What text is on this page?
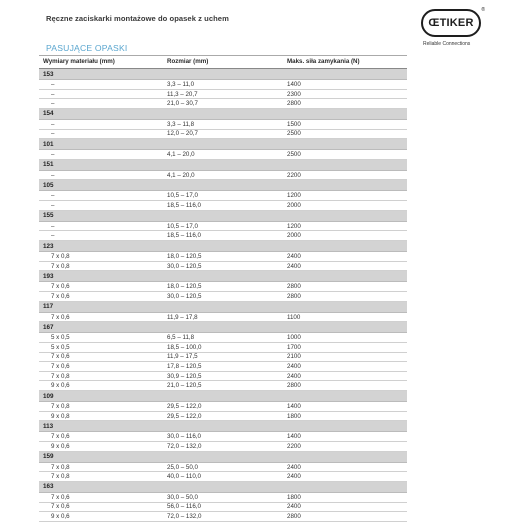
Ręczne zaciskarki montażowe do opasek z uchem	ŒTIKER
®
Reliable Connections
PASUJĄCE OPASKI
Wymiary materiału (mm)	Rozmiar (mm)	Maks. siła zamykania (N)
153
–	3,3 – 11,0	1400
–	11,3 – 20,7	2300
–	21,0 – 30,7	2800
154
–	3,3 – 11,8	1500
–	12,0 – 20,7	2500
101
–	4,1 – 20,0	2500
151
–	4,1 – 20,0	2200
105
–	10,5 – 17,0	1200
–	18,5 – 116,0	2000
155
–	10,5 – 17,0	1200
–	18,5 – 116,0	2000
123
7 x 0,8	18,0 – 120,5	2400
7 x 0,8	30,0 – 120,5	2400
193
7 x 0,6	18,0 – 120,5	2800
7 x 0,6	30,0 – 120,5	2800
117
7 x 0,6	11,9 – 17,8	1100
167
5 x 0,5	6,5 – 11,8	1000
5 x 0,5	18,5 – 100,0	1700
7 x 0,6	11,9 – 17,5	2100
7 x 0,6	17,8 – 120,5	2400
7 x 0,8	30,9 – 120,5	2400
9 x 0,6	21,0 – 120,5	2800
109
7 x 0,8	29,5 – 122,0	1400
9 x 0,8	29,5 – 122,0	1800
113
7 x 0,6	30,0 – 116,0	1400
9 x 0,6	72,0 – 132,0	2200
159
7 x 0,8	25,0 – 50,0	2400
7 x 0,8	40,0 – 110,0	2400
163
7 x 0,6	30,0 – 50,0	1800
7 x 0,6	56,0 – 116,0	2400
9 x 0,6	72,0 – 132,0	2800
